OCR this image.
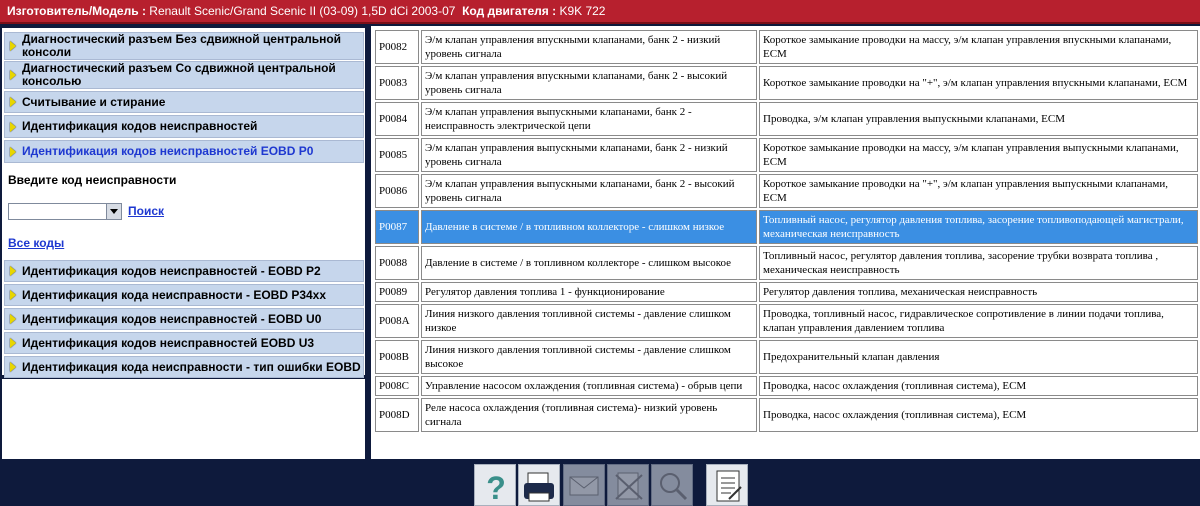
Изготовитель/Модель : Renault Scenic/Grand Scenic II (03-09) 1,5D dCi 2003-07 Код двигателя : K9K 722
Диагностический разъем Без сдвижной центральной консоли
Диагностический разъем Со сдвижной центральной консолью
Считывание и стирание
Идентификация кодов неисправностей
Идентификация кодов неисправностей EOBD P0
Введите код неисправности
Поиск
Все коды
Идентификация кодов неисправностей - EOBD P2
Идентификация кода неисправности - EOBD P34xx
Идентификация кодов неисправностей - EOBD U0
Идентификация кодов неисправностей EOBD U3
Идентификация кода неисправности - тип ошибки EOBD
P0082	Э/м клапан управления впускными клапанами, банк 2 - низкий уровень сигнала	Короткое замыкание проводки на массу, э/м клапан управления впускными клапанами, ECM
P0083	Э/м клапан управления впускными клапанами, банк 2 - высокий уровень сигнала	Короткое замыкание проводки на "+", э/м клапан управления впускными клапанами, ECM
P0084	Э/м клапан управления выпускными клапанами, банк 2 - неисправность электрической цепи	Проводка, э/м клапан управления выпускными клапанами, ECM
P0085	Э/м клапан управления выпускными клапанами, банк 2 - низкий уровень сигнала	Короткое замыкание проводки на массу, э/м клапан управления выпускными клапанами, ECM
P0086	Э/м клапан управления выпускными клапанами, банк 2 - высокий уровень сигнала	Короткое замыкание проводки на "+", э/м клапан управления выпускными клапанами, ECM
P0087	Давление в системе / в топливном коллекторе - слишком низкое	Топливный насос, регулятор давления топлива, засорение топливоподающей магистрали, механическая неисправность
P0088	Давление в системе / в топливном коллекторе - слишком высокое	Топливный насос, регулятор давления топлива, засорение трубки возврата топлива , механическая неисправность
P0089	Регулятор давления топлива 1 - функционирование	Регулятор давления топлива, механическая неисправность
P008A	Линия низкого давления топливной системы - давление слишком низкое	Проводка, топливный насос, гидравлическое сопротивление в линии подачи топлива, клапан управления давлением топлива
P008B	Линия низкого давления топливной системы - давление слишком высокое	Предохранительный клапан давления
P008C	Управление насосом охлаждения (топливная система) - обрыв цепи	Проводка, насос охлаждения (топливная система), ECM
P008D	Реле насоса охлаждения (топливная система)- низкий уровень сигнала	Проводка, насос охлаждения (топливная система), ECM
?
